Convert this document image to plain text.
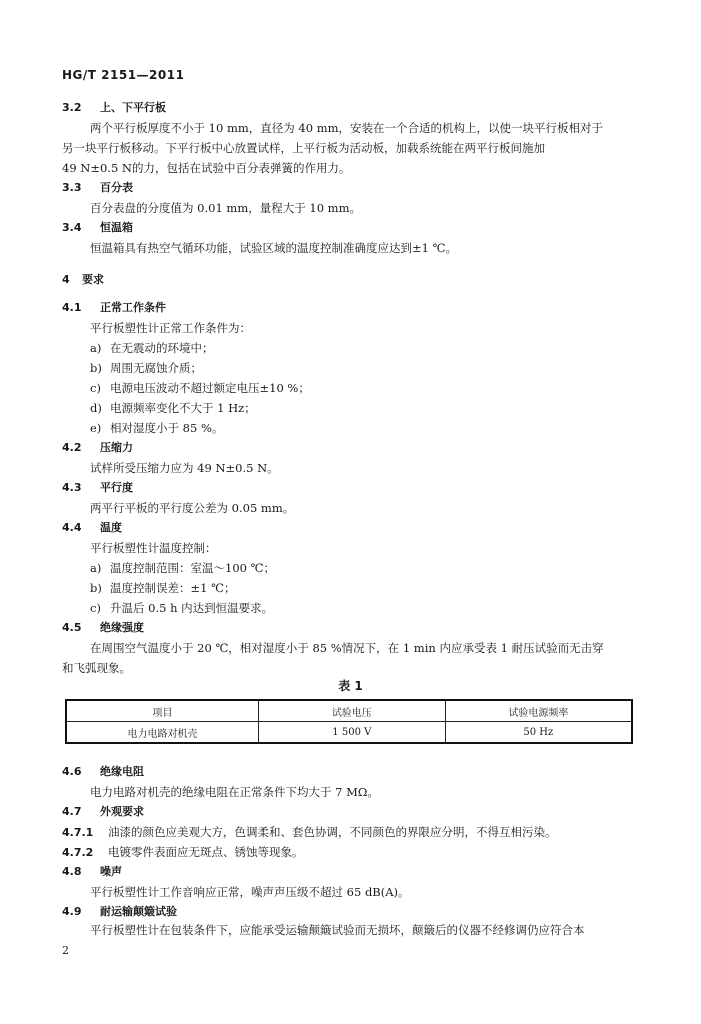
HG/T 2151—2011
3.2 上、下平行板
两个平行板厚度不小于 10 mm，直径为 40 mm，安装在一个合适的机构上，以使一块平行板相对于
另一块平行板移动。下平行板中心放置试样，上平行板为活动板，加载系统能在两平行板间施加
49 N±0.5 N的力，包括在试验中百分表弹簧的作用力。
3.3 百分表
百分表盘的分度值为 0.01 mm，量程大于 10 mm。
3.4 恒温箱
恒温箱具有热空气循环功能，试验区域的温度控制准确度应达到±1 ℃。
4 要求
4.1 正常工作条件
平行板塑性计正常工作条件为：
a) 在无震动的环境中；
b) 周围无腐蚀介质；
c) 电源电压波动不超过额定电压±10 %；
d) 电源频率变化不大于 1 Hz；
e) 相对湿度小于 85 %。
4.2 压缩力
试样所受压缩力应为 49 N±0.5 N。
4.3 平行度
两平行平板的平行度公差为 0.05 mm。
4.4 温度
平行板塑性计温度控制：
a) 温度控制范围：室温～100 ℃；
b) 温度控制误差：±1 ℃；
c) 升温后 0.5 h 内达到恒温要求。
4.5 绝缘强度
在周围空气温度小于 20 ℃，相对湿度小于 85 %情况下，在 1 min 内应承受表 1 耐压试验而无击穿
和飞弧现象。
表 1
项目	试验电压	试验电源频率
电力电路对机壳	1 500 V	50 Hz
4.6 绝缘电阻
电力电路对机壳的绝缘电阻在正常条件下均大于 7 MΩ。
4.7 外观要求
4.7.1 油漆的颜色应美观大方，色调柔和、套色协调，不同颜色的界限应分明，不得互相污染。
4.7.2 电镀零件表面应无斑点、锈蚀等现象。
4.8 噪声
平行板塑性计工作音响应正常，噪声声压级不超过 65 dB(A)。
4.9 耐运输颠簸试验
平行板塑性计在包装条件下，应能承受运输颠簸试验而无损坏，颠簸后的仪器不经修调仍应符合本
2
